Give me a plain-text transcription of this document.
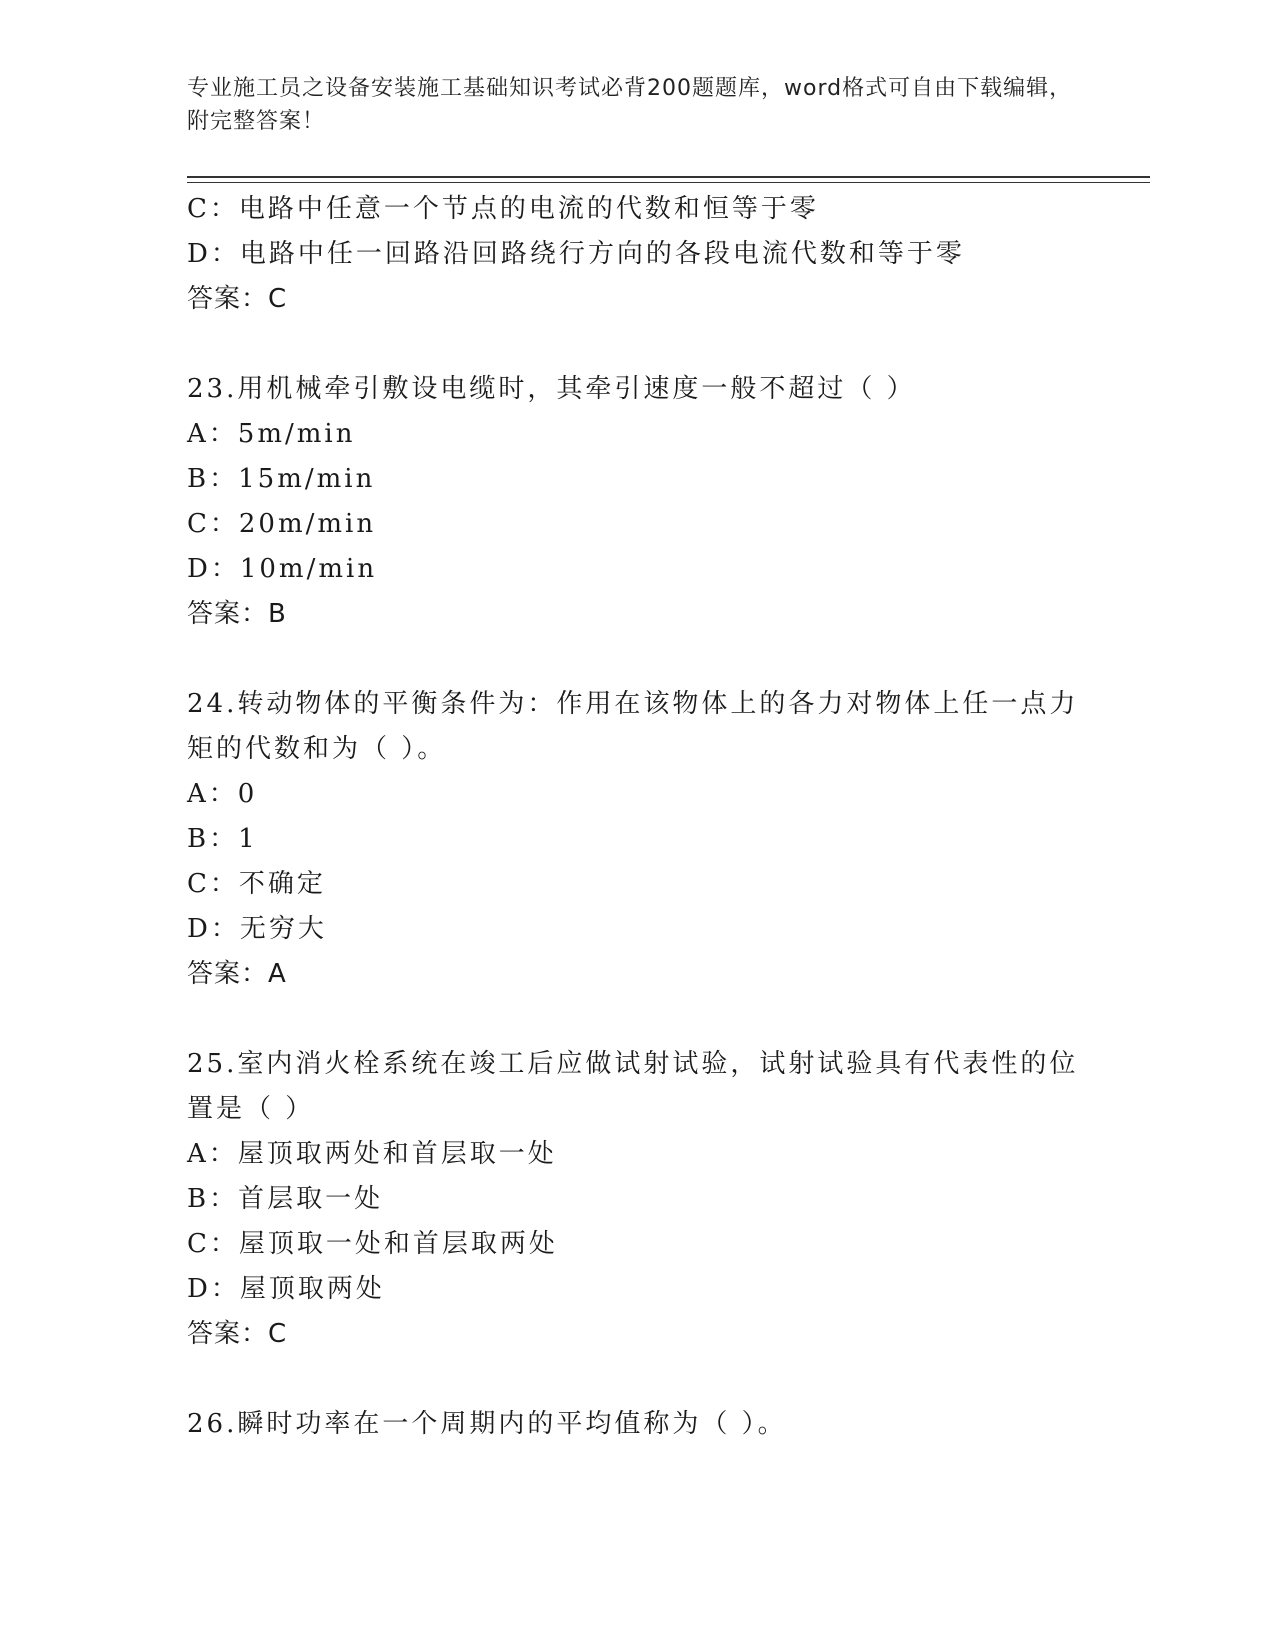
专业施工员之设备安装施工基础知识考试必背200题题库，word格式可自由下载编辑，附完整答案！
C：电路中任意一个节点的电流的代数和恒等于零
D：电路中任一回路沿回路绕行方向的各段电流代数和等于零
答案：C
23.用机械牵引敷设电缆时，其牵引速度一般不超过（ ）
A：5m/min
B：15m/min
C：20m/min
D：10m/min
答案：B
24.转动物体的平衡条件为：作用在该物体上的各力对物体上任一点力
矩的代数和为（ ）。
A：0
B：1
C：不确定
D：无穷大
答案：A
25.室内消火栓系统在竣工后应做试射试验，试射试验具有代表性的位
置是（ ）
A：屋顶取两处和首层取一处
B：首层取一处
C：屋顶取一处和首层取两处
D：屋顶取两处
答案：C
26.瞬时功率在一个周期内的平均值称为（ ）。
